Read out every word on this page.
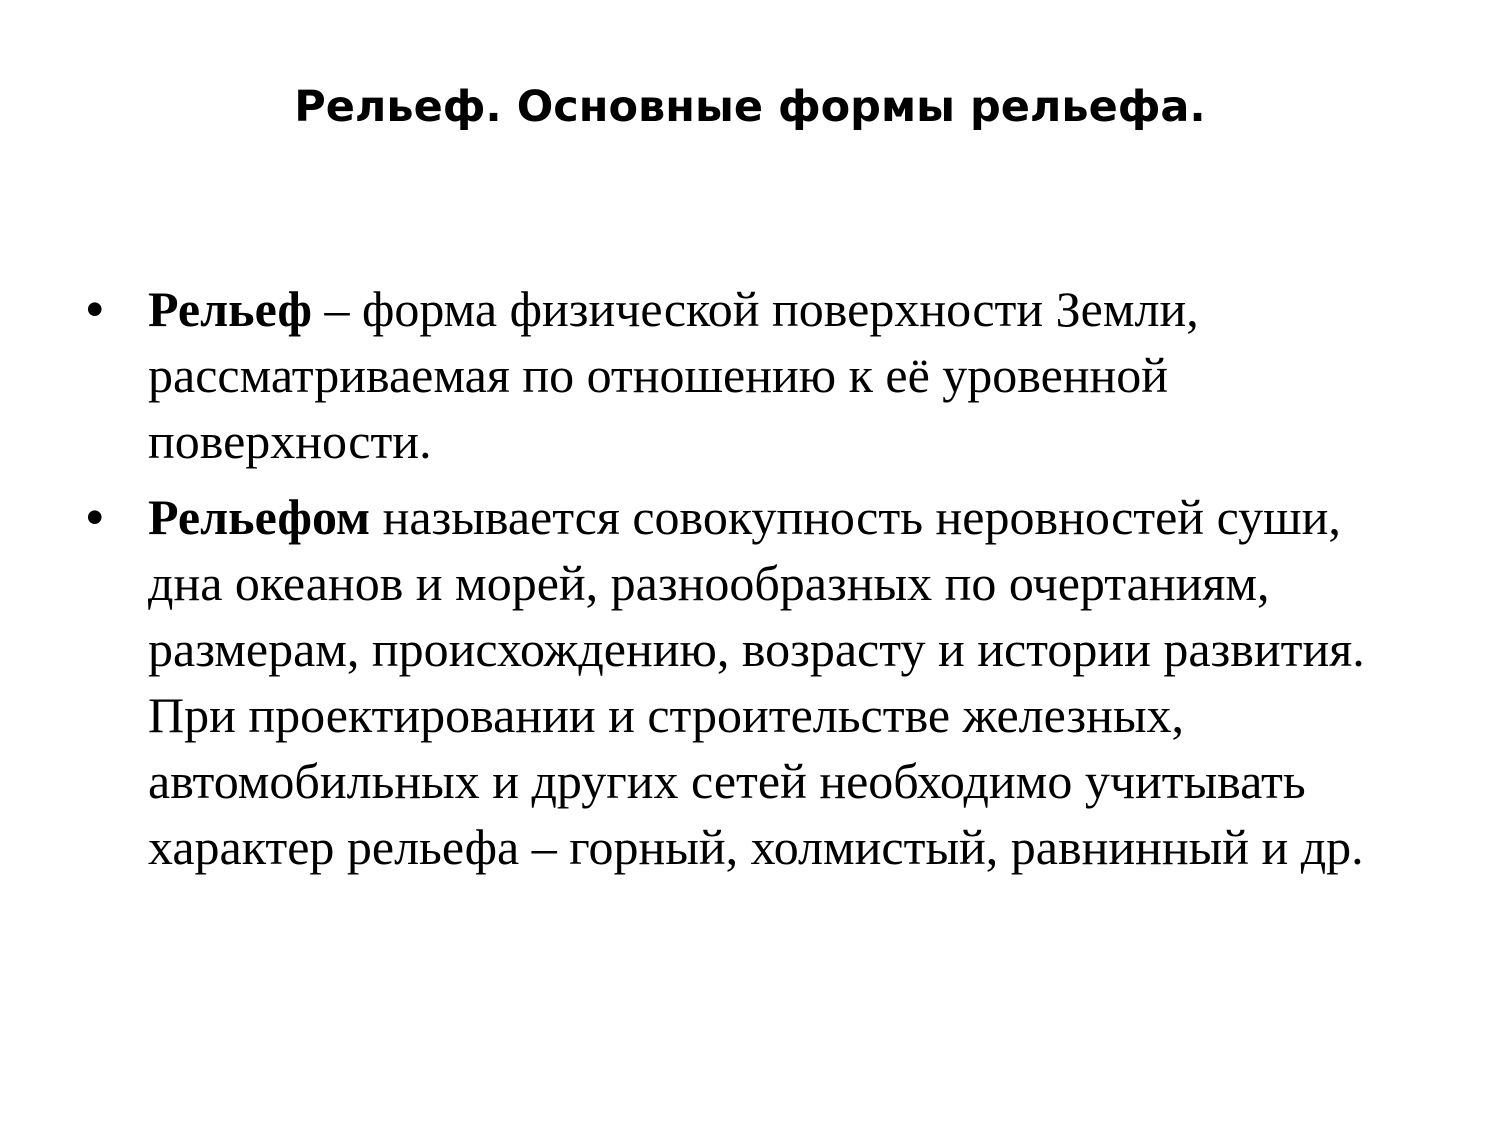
Рельеф. Основные формы рельефа.
• Рельеф – форма физической поверхности Земли, рассматриваемая по отношению к её уровенной поверхности.
• Рельефом называется совокупность неровностей суши, дна океанов и морей, разнообразных по очертаниям, размерам, происхождению, возрасту и истории развития. При проектировании и строительстве железных, автомобильных и других сетей необходимо учитывать характер рельефа – горный, холмистый, равнинный и др.
